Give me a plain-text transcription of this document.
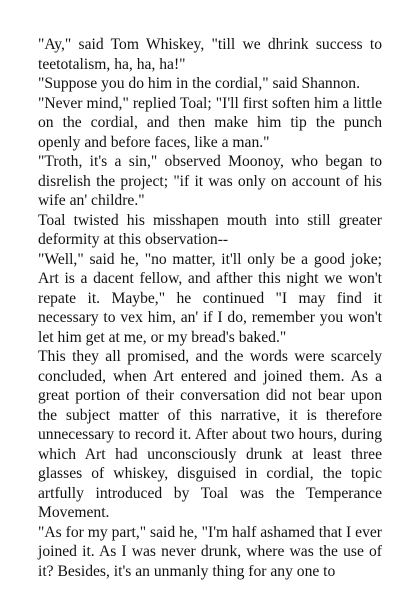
"Ay," said Tom Whiskey, "till we dhrink success to teetotalism, ha, ha, ha!"

"Suppose you do him in the cordial," said Shannon.

"Never mind," replied Toal; "I'll first soften him a little on the cordial, and then make him tip the punch openly and before faces, like a man."

"Troth, it's a sin," observed Moonoy, who began to disrelish the project; "if it was only on account of his wife an' childre."

Toal twisted his misshapen mouth into still greater deformity at this observation--

"Well," said he, "no matter, it'll only be a good joke; Art is a dacent fellow, and afther this night we won't repate it. Maybe," he continued "I may find it necessary to vex him, an' if I do, remember you won't let him get at me, or my bread's baked."

This they all promised, and the words were scarcely concluded, when Art entered and joined them. As a great portion of their conversation did not bear upon the subject matter of this narrative, it is therefore unnecessary to record it. After about two hours, during which Art had unconsciously drunk at least three glasses of whiskey, disguised in cordial, the topic artfully introduced by Toal was the Temperance Movement.

"As for my part," said he, "I'm half ashamed that I ever joined it. As I was never drunk, where was the use of it? Besides, it's an unmanly thing for any one to
